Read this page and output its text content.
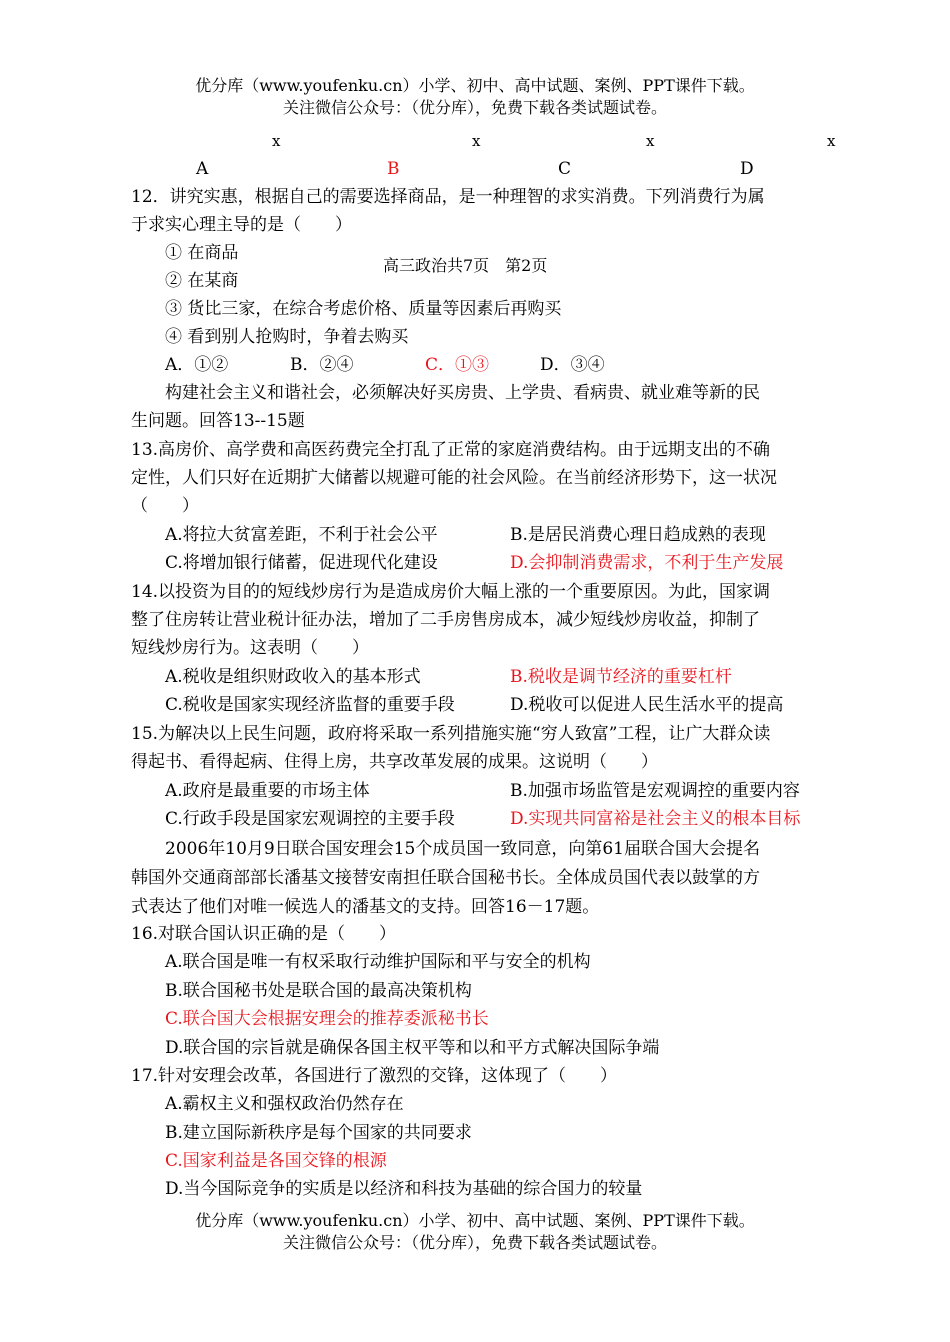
优分库（www.youfenku.cn）小学、初中、高中试题、案例、PPT课件下载。
关注微信公众号：（优分库），免费下载各类试题试卷。
x	x	x	x
A	B	C	D
12．讲究实惠，根据自己的需要选择商品，是一种理智的求实消费。下列消费行为属
于求实心理主导的是（　　）
① 在商品
② 在某商
高三政治共7页　第2页
③ 货比三家，在综合考虑价格、质量等因素后再购买
④ 看到别人抢购时，争着去购买
A．①②	B．②④	C．①③	D．③④
构建社会主义和谐社会，必须解决好买房贵、上学贵、看病贵、就业难等新的民
生问题。回答13--15题
13.高房价、高学费和高医药费完全打乱了正常的家庭消费结构。由于远期支出的不确
定性，人们只好在近期扩大储蓄以规避可能的社会风险。在当前经济形势下，这一状况
（　　）
A.将拉大贫富差距，不利于社会公平	B.是居民消费心理日趋成熟的表现
C.将增加银行储蓄，促进现代化建设	D.会抑制消费需求，不利于生产发展
14.以投资为目的的短线炒房行为是造成房价大幅上涨的一个重要原因。为此，国家调
整了住房转让营业税计征办法，增加了二手房售房成本，减少短线炒房收益，抑制了
短线炒房行为。这表明（　　）
A.税收是组织财政收入的基本形式	B.税收是调节经济的重要杠杆
C.税收是国家实现经济监督的重要手段	D.税收可以促进人民生活水平的提高
15.为解决以上民生问题，政府将采取一系列措施实施“穷人致富”工程，让广大群众读
得起书、看得起病、住得上房，共享改革发展的成果。这说明（　　）
A.政府是最重要的市场主体	B.加强市场监管是宏观调控的重要内容
C.行政手段是国家宏观调控的主要手段	D.实现共同富裕是社会主义的根本目标
2006年10月9日联合国安理会15个成员国一致同意，向第61届联合国大会提名
韩国外交通商部部长潘基文接替安南担任联合国秘书长。全体成员国代表以鼓掌的方
式表达了他们对唯一候选人的潘基文的支持。回答16－17题。
16.对联合国认识正确的是（　　）
A.联合国是唯一有权采取行动维护国际和平与安全的机构
B.联合国秘书处是联合国的最高决策机构
C.联合国大会根据安理会的推荐委派秘书长
D.联合国的宗旨就是确保各国主权平等和以和平方式解决国际争端
17.针对安理会改革，各国进行了激烈的交锋，这体现了（　　）
A.霸权主义和强权政治仍然存在
B.建立国际新秩序是每个国家的共同要求
C.国家利益是各国交锋的根源
D.当今国际竞争的实质是以经济和科技为基础的综合国力的较量
优分库（www.youfenku.cn）小学、初中、高中试题、案例、PPT课件下载。
关注微信公众号：（优分库），免费下载各类试题试卷。
